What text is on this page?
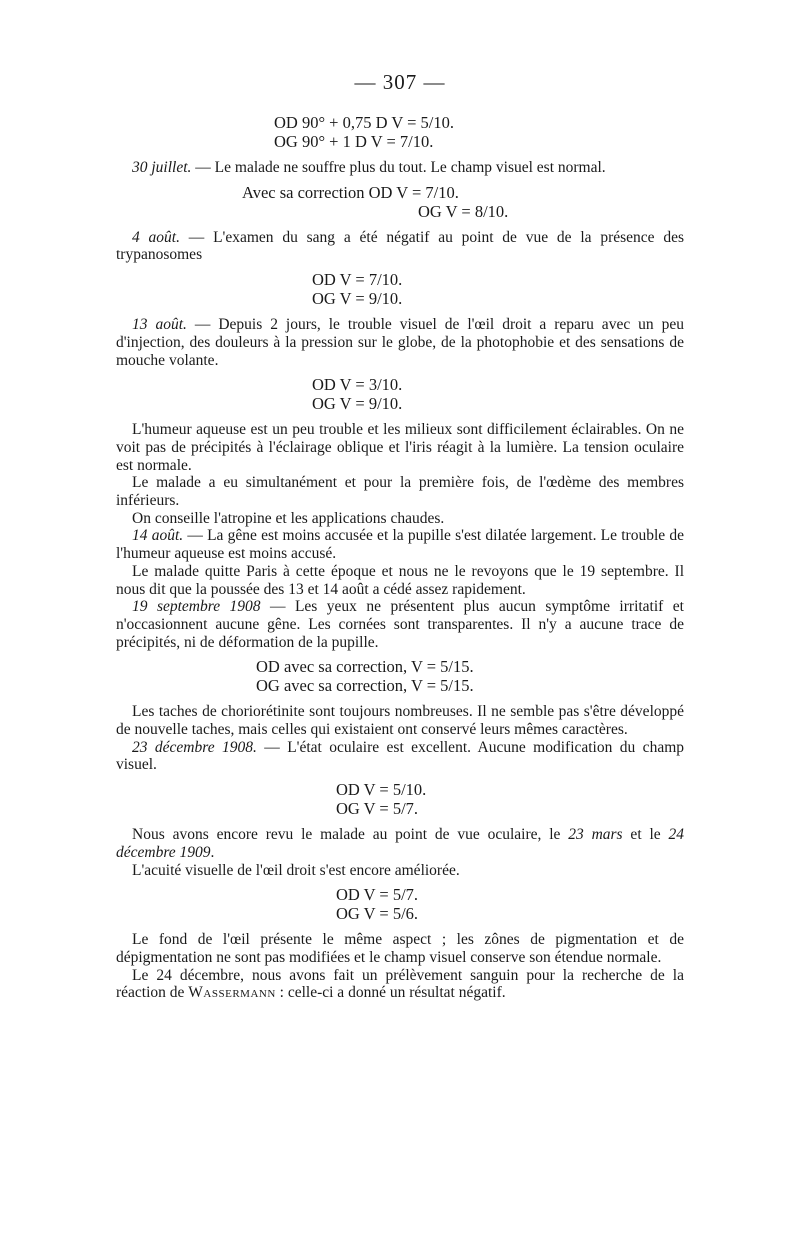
— 307 —
OD 90° + 0,75 D V = 5/10.
OG 90° + 1 D V = 7/10.

30 juillet. — Le malade ne souffre plus du tout. Le champ visuel est normal.

Avec sa correction OD V = 7/10.
OG V = 8/10.

4 août. — L'examen du sang a été négatif au point de vue de la présence des trypanosomes

OD V = 7/10.
OG V = 9/10.

13 août. — Depuis 2 jours, le trouble visuel de l'œil droit a reparu avec un peu d'injection, des douleurs à la pression sur le globe, de la photophobie et des sensations de mouche volante.

OD V = 3/10.
OG V = 9/10.

L'humeur aqueuse est un peu trouble et les milieux sont difficilement éclairables. On ne voit pas de précipités à l'éclairage oblique et l'iris réagit à la lumière. La tension oculaire est normale.

Le malade a eu simultanément et pour la première fois, de l'œdème des membres inférieurs.

On conseille l'atropine et les applications chaudes.

14 août. — La gêne est moins accusée et la pupille s'est dilatée largement. Le trouble de l'humeur aqueuse est moins accusé.

Le malade quitte Paris à cette époque et nous ne le revoyons que le 19 septembre. Il nous dit que la poussée des 13 et 14 août a cédé assez rapidement.

19 septembre 1908 — Les yeux ne présentent plus aucun symptôme irritatif et n'occasionnent aucune gêne. Les cornées sont transparentes. Il n'y a aucune trace de précipités, ni de déformation de la pupille.

OD avec sa correction, V = 5/15.
OG avec sa correction, V = 5/15.

Les taches de choriorétinite sont toujours nombreuses. Il ne semble pas s'être développé de nouvelle taches, mais celles qui existaient ont conservé leurs mêmes caractères.

23 décembre 1908. — L'état oculaire est excellent. Aucune modification du champ visuel.

OD V = 5/10.
OG V = 5/7.

Nous avons encore revu le malade au point de vue oculaire, le 23 mars et le 24 décembre 1909.

L'acuité visuelle de l'œil droit s'est encore améliorée.

OD V = 5/7.
OG V = 5/6.

Le fond de l'œil présente le même aspect ; les zônes de pigmentation et de dépigmentation ne sont pas modifiées et le champ visuel conserve son étendue normale.

Le 24 décembre, nous avons fait un prélèvement sanguin pour la recherche de la réaction de Wassermann : celle-ci a donné un résultat négatif.
